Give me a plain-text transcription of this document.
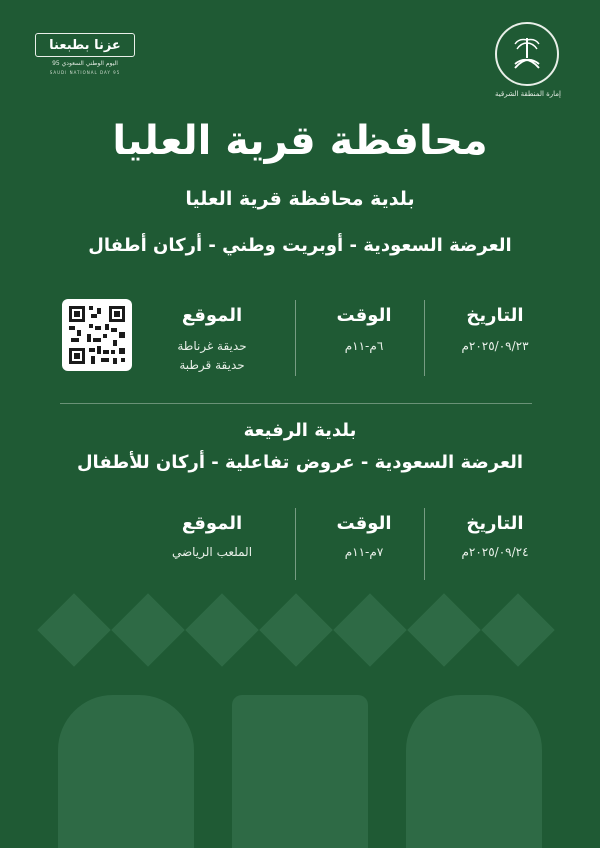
عزنا بطبعنا
اليوم الوطني السعودي 95
SAUDI NATIONAL DAY 95
إمارة المنطقة الشرقية
محافظة قرية العليا
بلدية محافظة قرية العليا
العرضة السعودية - أوبريت وطني - أركان أطفال
التاريخ
٢٠٢٥/٠٩/٢٣م
الوقت
٦م-١١م
الموقع
حديقة غرناطة
حديقة قرطبة
بلدية الرفيعة
العرضة السعودية - عروض تفاعلية - أركان للأطفال
التاريخ
٢٠٢٥/٠٩/٢٤م
الوقت
٧م-١١م
الموقع
الملعب الرياضي
